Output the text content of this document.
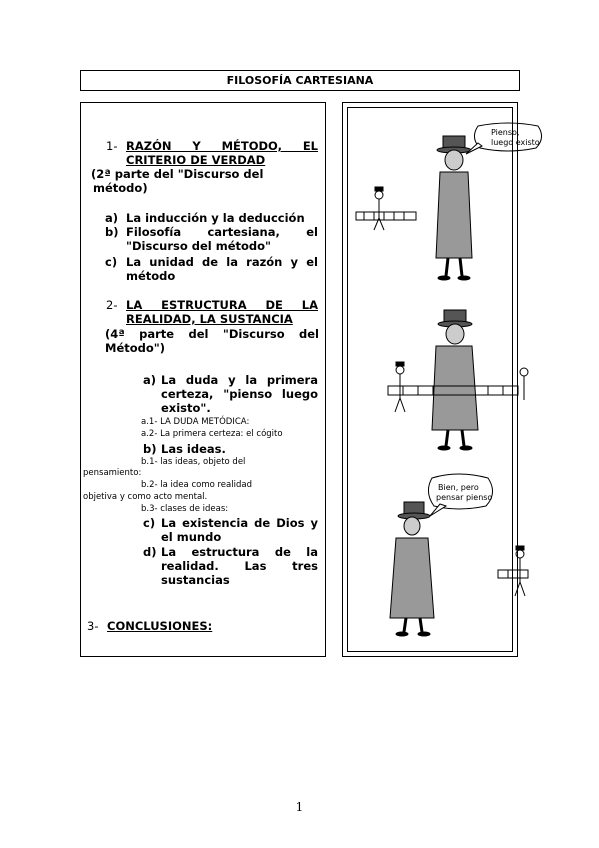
FILOSOFÍA CARTESIANA
1- RAZÓN Y MÉTODO, EL
CRITERIO DE VERDAD
(2ª parte del "Discurso del
método)
a) La inducción y la deducción
b) Filosofía cartesiana, el
"Discurso del método"
c) La unidad de la razón y el
método
2- LA ESTRUCTURA DE LA
REALIDAD, LA SUSTANCIA
(4ª parte del "Discurso del
Método")
a) La duda y la primera
certeza, "pienso luego
existo".
a.1- LA DUDA METÓDICA:
a.2- La primera certeza: el cógito
b) Las ideas.
b.1- las ideas, objeto del
pensamiento:
b.2- la idea como realidad
objetiva y como acto mental.
b.3- clases de ideas:
c) La existencia de Dios y
el mundo
d) La estructura de la
realidad. Las tres
sustancias
3- CONCLUSIONES:
Pienso,
luego existo
Bien, pero
pensar pienso
1
